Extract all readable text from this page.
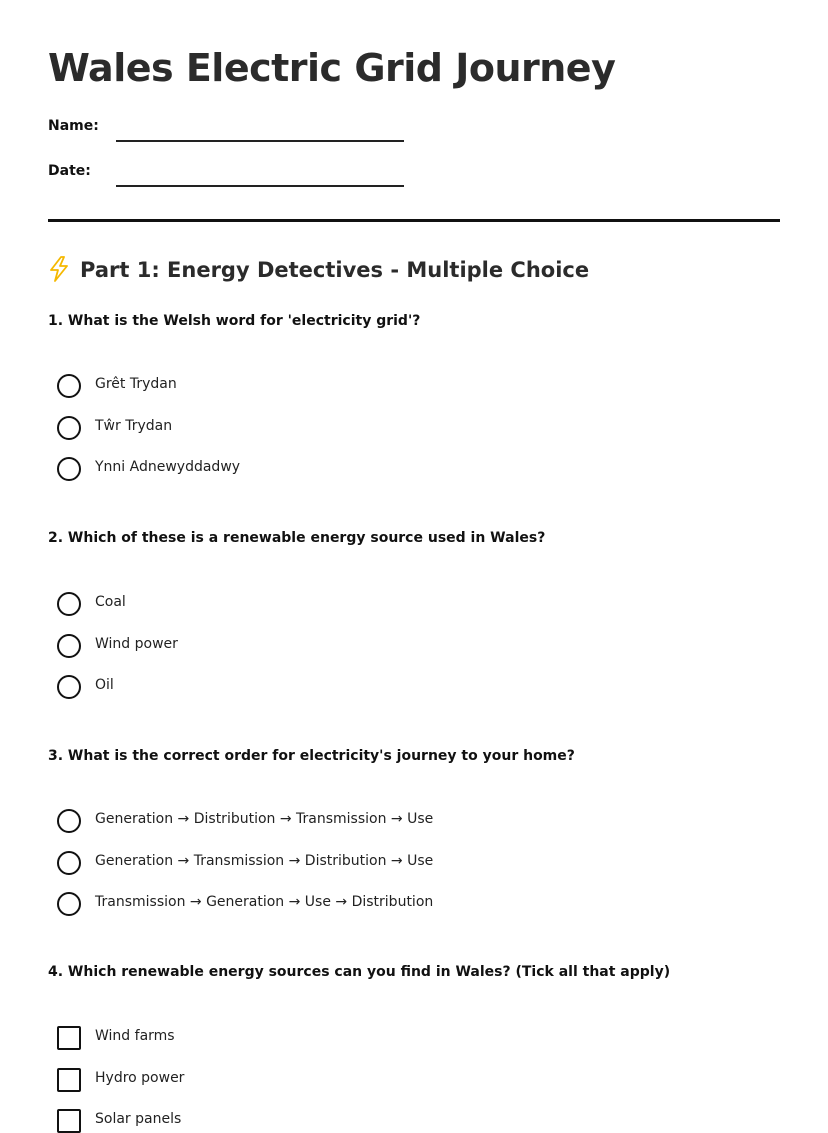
Wales Electric Grid Journey
Name:
Date:
Part 1: Energy Detectives - Multiple Choice

1. What is the Welsh word for 'electricity grid'?

Grêt Trydan
Tŵr Trydan
Ynni Adnewyddadwy

2. Which of these is a renewable energy source used in Wales?

Coal
Wind power
Oil

3. What is the correct order for electricity's journey to your home?

Generation → Distribution → Transmission → Use
Generation → Transmission → Distribution → Use
Transmission → Generation → Use → Distribution

4. Which renewable energy sources can you find in Wales? (Tick all that apply)

Wind farms
Hydro power
Solar panels
